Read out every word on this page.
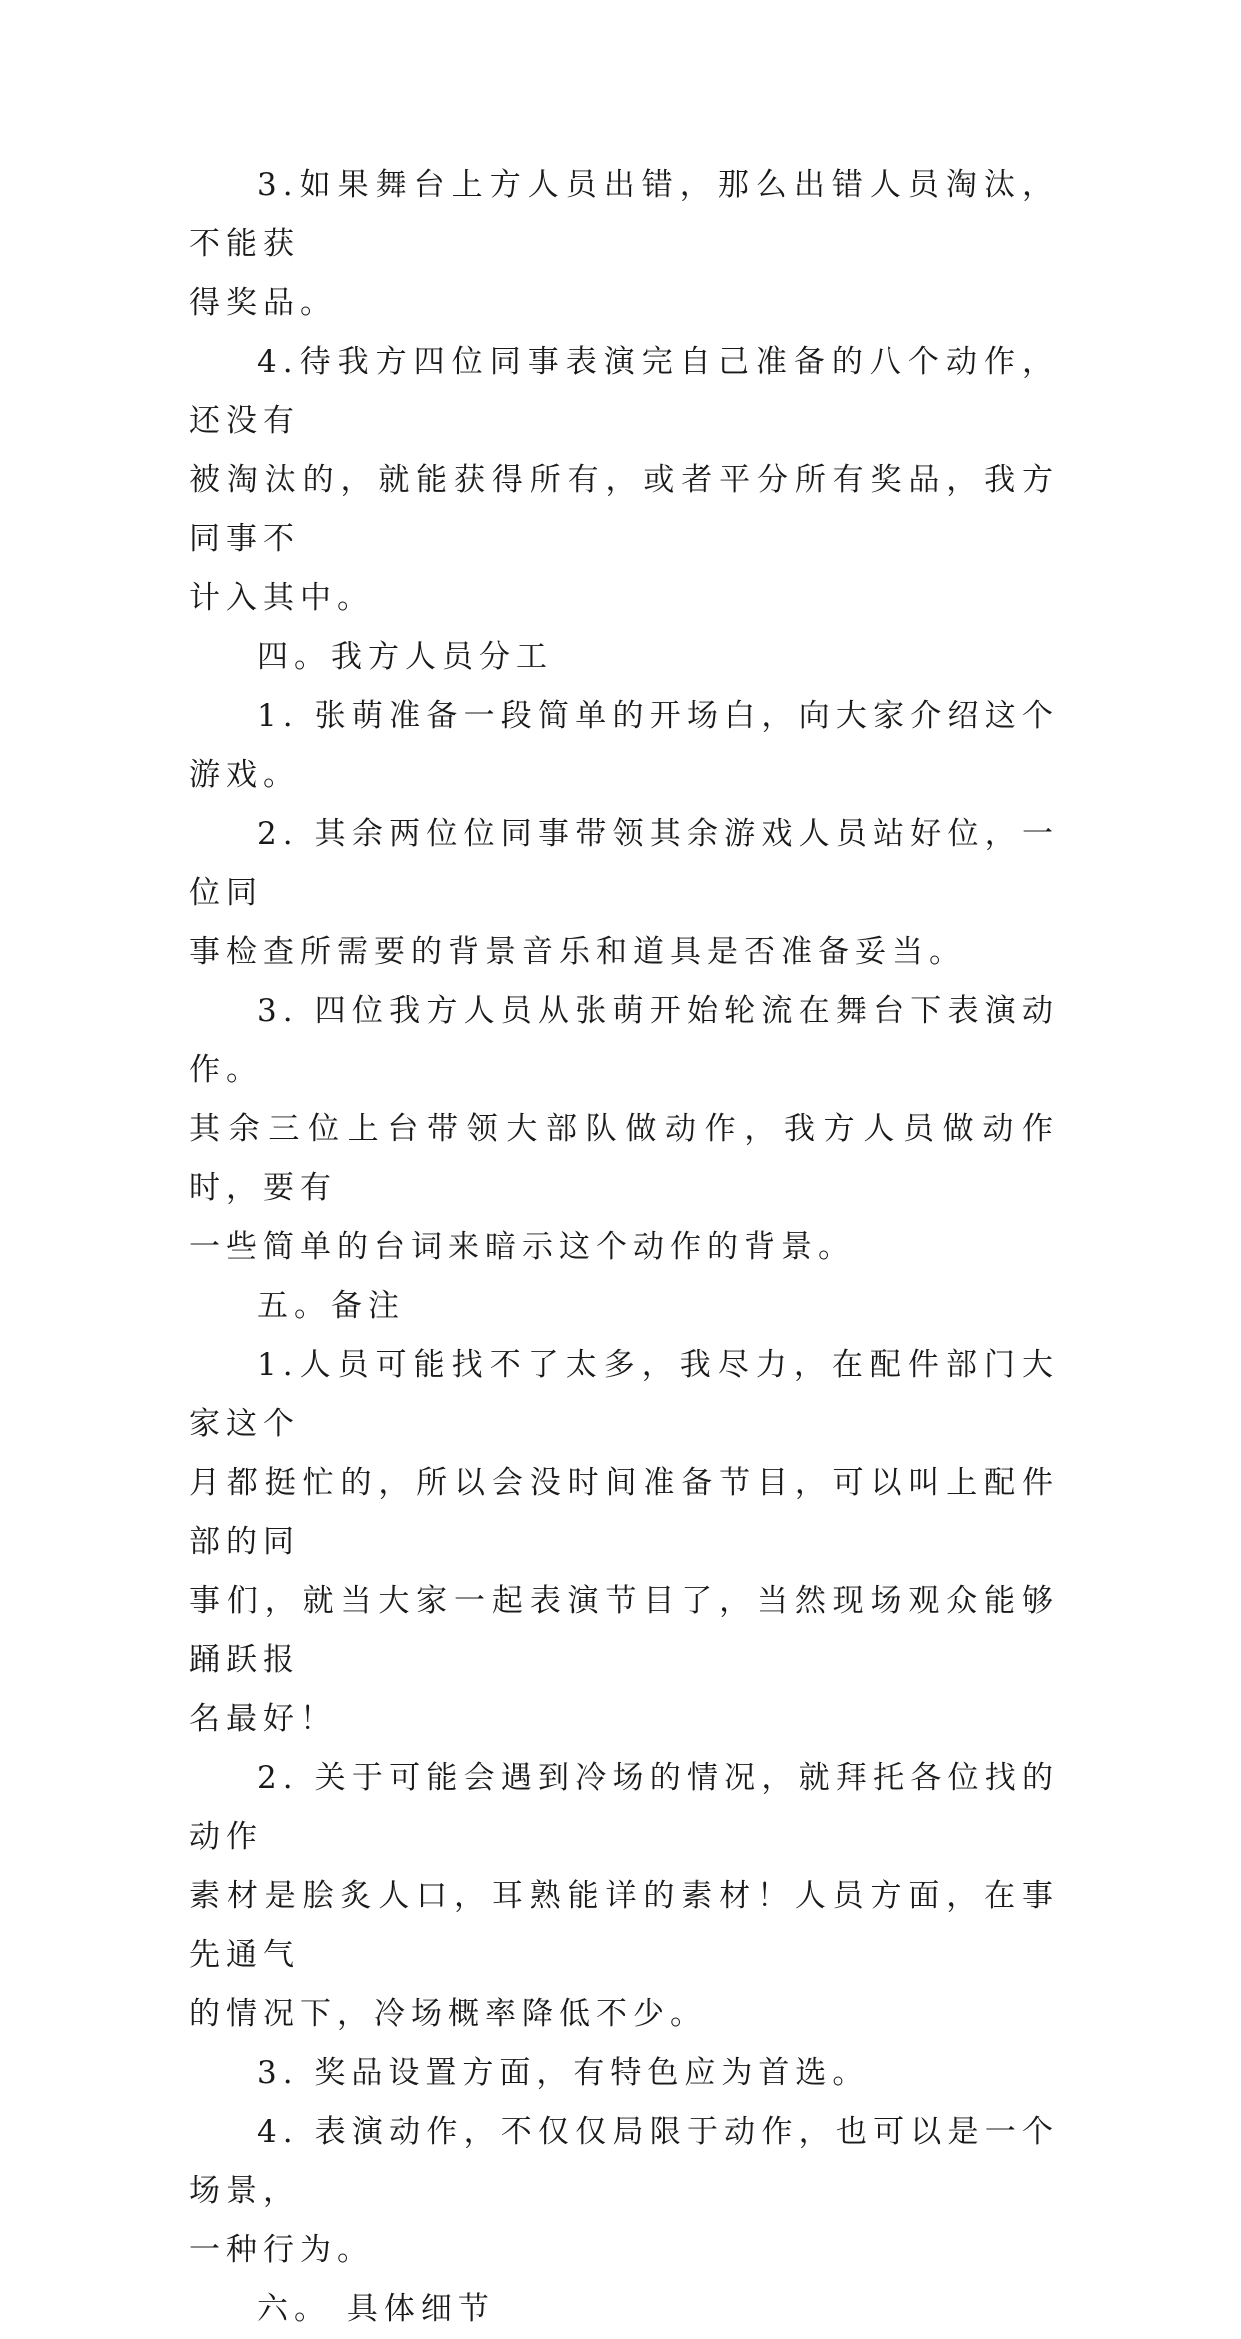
3.如果舞台上方人员出错，那么出错人员淘汰，不能获
得奖品。

4.待我方四位同事表演完自己准备的八个动作，还没有
被淘汰的，就能获得所有，或者平分所有奖品，我方同事不
计入其中。

四。我方人员分工

1. 张萌准备一段简单的开场白，向大家介绍这个游戏。

2. 其余两位位同事带领其余游戏人员站好位，一位同
事检查所需要的背景音乐和道具是否准备妥当。

3. 四位我方人员从张萌开始轮流在舞台下表演动作。
其余三位上台带领大部队做动作，我方人员做动作时，要有
一些简单的台词来暗示这个动作的背景。

五。备注

1.人员可能找不了太多，我尽力，在配件部门大家这个
月都挺忙的，所以会没时间准备节目，可以叫上配件部的同
事们，就当大家一起表演节目了，当然现场观众能够踊跃报
名最好！

2. 关于可能会遇到冷场的情况，就拜托各位找的动作
素材是脍炙人口，耳熟能详的素材！人员方面，在事先通气
的情况下，冷场概率降低不少。

3. 奖品设置方面，有特色应为首选。

4. 表演动作，不仅仅局限于动作，也可以是一个场景，
一种行为。

六。 具体细节
